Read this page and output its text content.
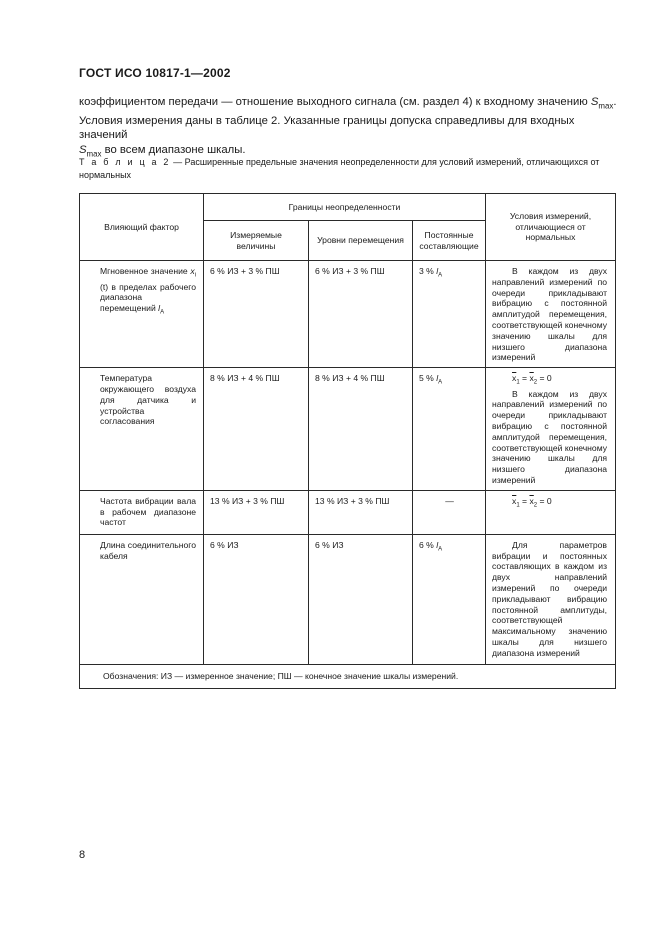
ГОСТ ИСО 10817-1—2002

коэффициентом передачи — отношение выходного сигнала (см. раздел 4) к входному значению $S_{max}$.

Условия измерения даны в таблице 2. Указанные границы допуска справедливы для входных значений

$S_{max}$ во всем диапазоне шкалы.

Т а б л и ц а 2 — Расширенные предельные значения неопределенности для условий измерений, отличающихся от нормальных
Влияющий фактор	Границы неопределенности			Условия измерений, отличающиеся от нормальных
	Измеряемые величины	Уровни перемещения	Постоянные составляющие	
Мгновенное значение $x_i$ (t) в пределах рабочего диапазона перемещений $l_A$	6 % ИЗ + 3 % ПШ	6 % ИЗ + 3 % ПШ	3 % $l_A$	В каждом из двух направлений измерений по очереди прикладывают вибрацию с постоянной амплитудой перемещения, соответствующей конечному значению шкалы для низшего диапазона измерений
Температура окружающего воздуха для датчика и устройства согласования	8 % ИЗ + 4 % ПШ	8 % ИЗ + 4 % ПШ	5 % $l_A$	$\overline{x}_1 = \overline{x}_2 = 0$
В каждом из двух направлений измерений по очереди прикладывают вибрацию с постоянной амплитудой перемещения, соответствующей конечному значению шкалы для низшего диапазона измерений

Частота вибрации вала в рабочем диапазоне частот	13 % ИЗ + 3 % ПШ	13 % ИЗ + 3 % ПШ	—	$\overline{x}_1 = \overline{x}_2 = 0$

Длина соединительного кабеля	6 % ИЗ	6 % ИЗ	6 % $l_A$	Для параметров вибрации и постоянных составляющих в каждом из двух направлений измерений по очереди прикладывают вибрацию постоянной амплитуды, соответствующей максимальному значению шкалы для низшего диапазона измерений
Обозначения: ИЗ — измеренное значение; ПШ — конечное значение шкалы измерений.				
8
